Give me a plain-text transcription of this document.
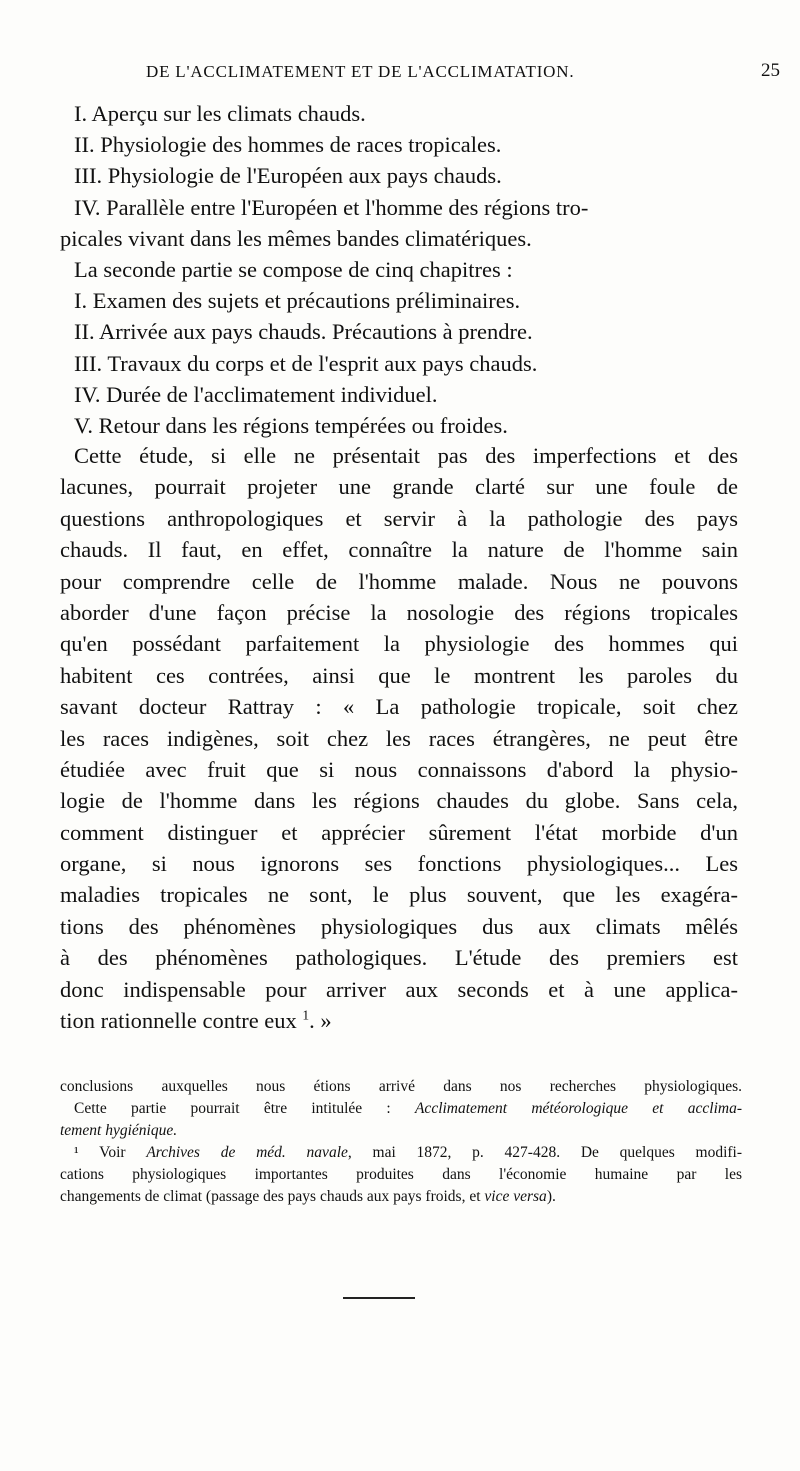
DE L'ACCLIMATEMENT ET DE L'ACCLIMATATION.	25
I. Aperçu sur les climats chauds.
II. Physiologie des hommes de races tropicales.
III. Physiologie de l'Européen aux pays chauds.
IV. Parallèle entre l'Européen et l'homme des régions tro-
picales vivant dans les mêmes bandes climatériques.
La seconde partie se compose de cinq chapitres :
I. Examen des sujets et précautions préliminaires.
II. Arrivée aux pays chauds. Précautions à prendre.
III. Travaux du corps et de l'esprit aux pays chauds.
IV. Durée de l'acclimatement individuel.
V. Retour dans les régions tempérées ou froides.
Cette étude, si elle ne présentait pas des imperfections et des
lacunes, pourrait projeter une grande clarté sur une foule de
questions anthropologiques et servir à la pathologie des pays
chauds. Il faut, en effet, connaître la nature de l'homme sain
pour comprendre celle de l'homme malade. Nous ne pouvons
aborder d'une façon précise la nosologie des régions tropicales
qu'en possédant parfaitement la physiologie des hommes qui
habitent ces contrées, ainsi que le montrent les paroles du
savant docteur Rattray : « La pathologie tropicale, soit chez
les races indigènes, soit chez les races étrangères, ne peut être
étudiée avec fruit que si nous connaissons d'abord la physio-
logie de l'homme dans les régions chaudes du globe. Sans cela,
comment distinguer et apprécier sûrement l'état morbide d'un
organe, si nous ignorons ses fonctions physiologiques... Les
maladies tropicales ne sont, le plus souvent, que les exagéra-
tions des phénomènes physiologiques dus aux climats mêlés
à des phénomènes pathologiques. L'étude des premiers est
donc indispensable pour arriver aux seconds et à une applica-
tion rationnelle contre eux $^1$. »
conclusions auxquelles nous étions arrivé dans nos recherches physiologiques.
Cette partie pourrait être intitulée : Acclimatement météorologique et acclima-
tement hygiénique.
¹ Voir Archives de méd. navale, mai 1872, p. 427-428. De quelques modifi-
cations physiologiques importantes produites dans l'économie humaine par les
changements de climat (passage des pays chauds aux pays froids, et vice versa).
